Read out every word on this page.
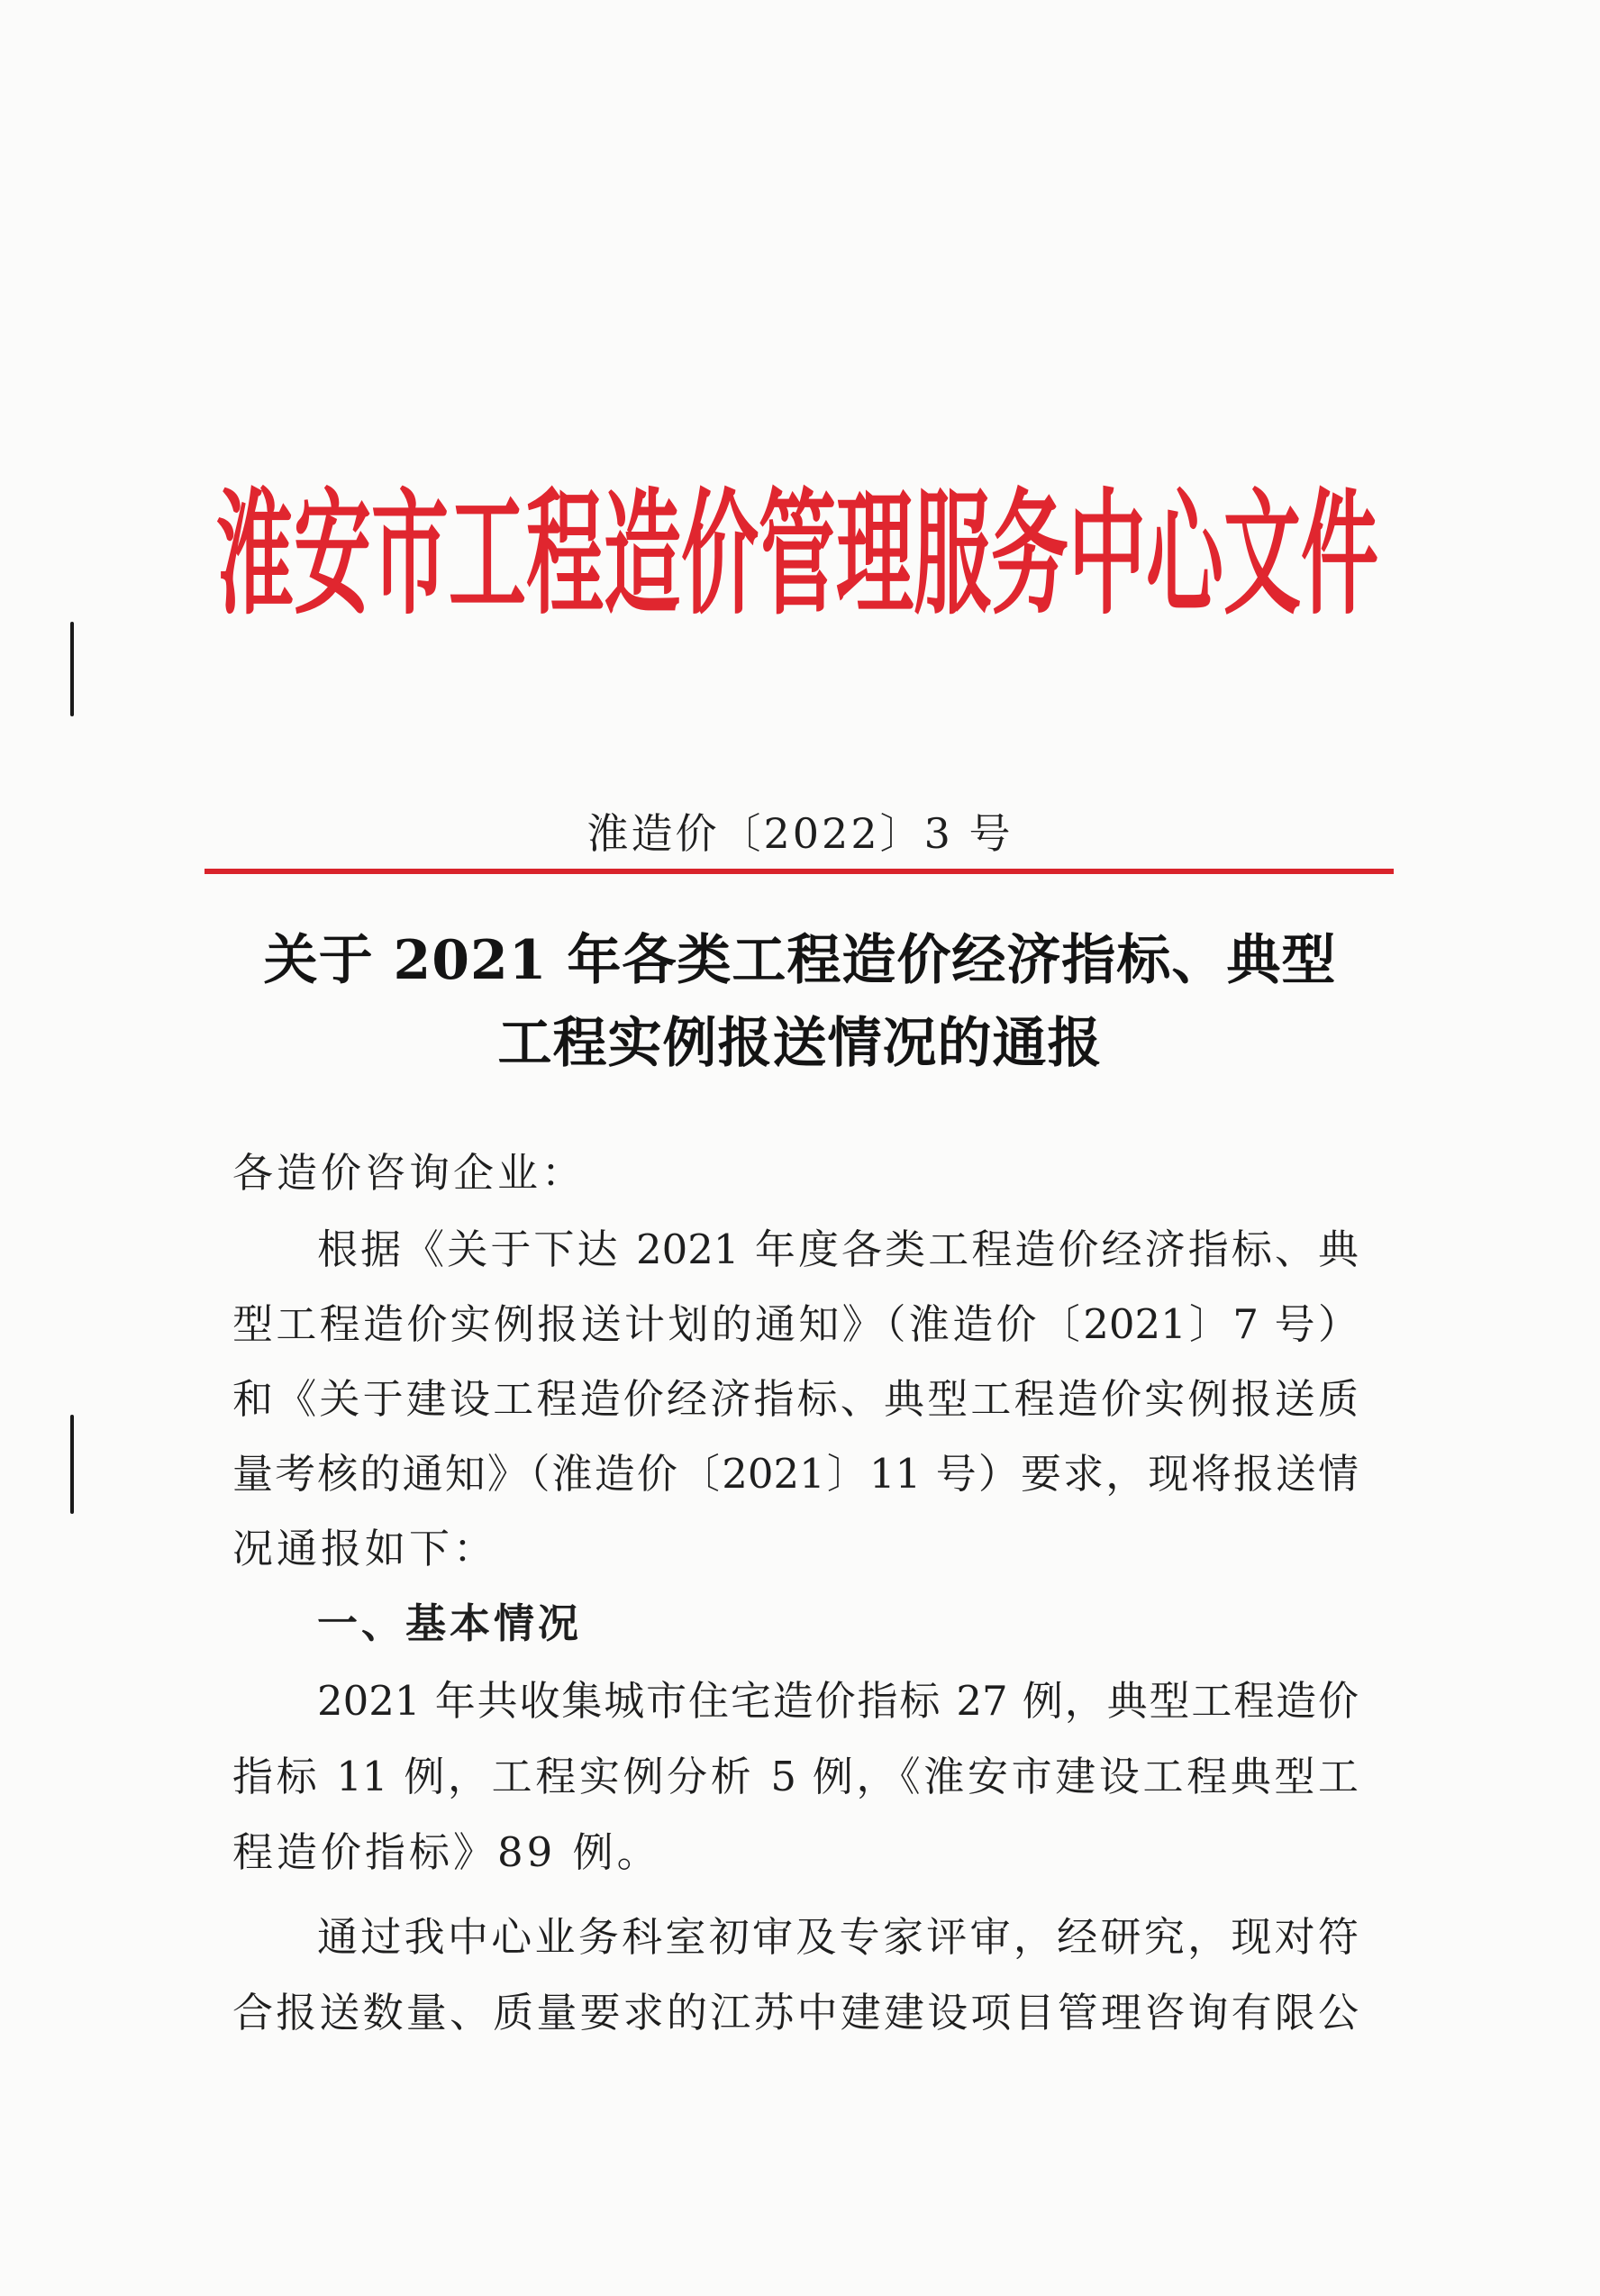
淮安市工程造价管理服务中心文件
淮造价〔2022〕3 号
关于 2021 年各类工程造价经济指标、典型
工程实例报送情况的通报
各造价咨询企业：
根据《关于下达 2021 年度各类工程造价经济指标、典
型工程造价实例报送计划的通知》（淮造价〔2021〕7 号）
和《关于建设工程造价经济指标、典型工程造价实例报送质
量考核的通知》（淮造价〔2021〕11 号）要求，现将报送情
况通报如下：
一、基本情况
2021 年共收集城市住宅造价指标 27 例，典型工程造价
指标 11 例，工程实例分析 5 例，《淮安市建设工程典型工
程造价指标》89 例。
通过我中心业务科室初审及专家评审，经研究，现对符
合报送数量、质量要求的江苏中建建设项目管理咨询有限公
